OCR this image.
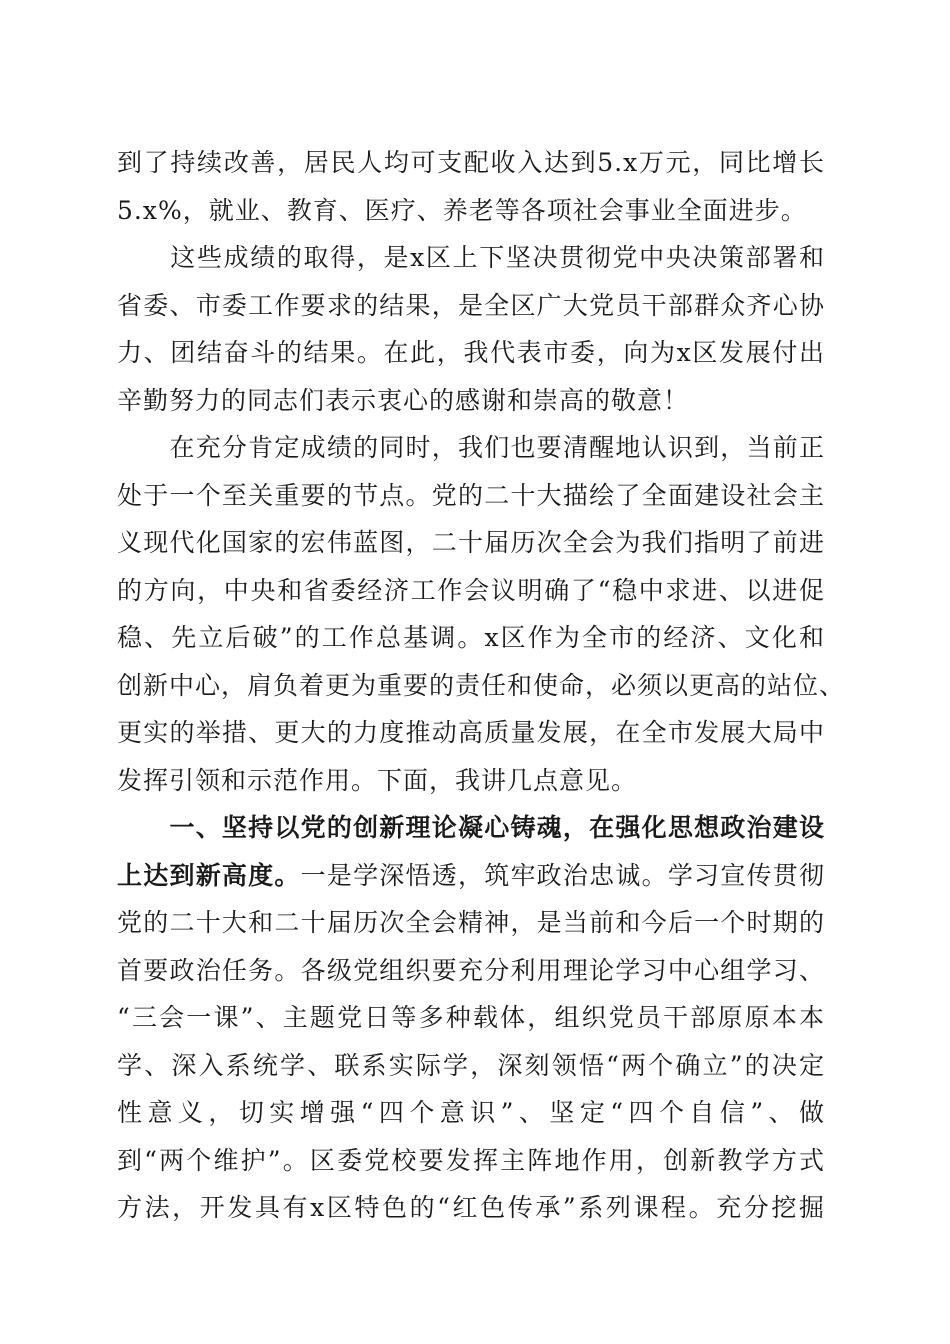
到了持续改善，居民人均可支配收入达到5.x万元，同比增长
5.x%，就业、教育、医疗、养老等各项社会事业全面进步。
　　这些成绩的取得，是x区上下坚决贯彻党中央决策部署和
省委、市委工作要求的结果，是全区广大党员干部群众齐心协
力、团结奋斗的结果。在此，我代表市委，向为x区发展付出
辛勤努力的同志们表示衷心的感谢和崇高的敬意！
　　在充分肯定成绩的同时，我们也要清醒地认识到，当前正
处于一个至关重要的节点。党的二十大描绘了全面建设社会主
义现代化国家的宏伟蓝图，二十届历次全会为我们指明了前进
的方向，中央和省委经济工作会议明确了“稳中求进、以进促
稳、先立后破”的工作总基调。x区作为全市的经济、文化和
创新中心，肩负着更为重要的责任和使命，必须以更高的站位、
更实的举措、更大的力度推动高质量发展，在全市发展大局中
发挥引领和示范作用。下面，我讲几点意见。
　　一、坚持以党的创新理论凝心铸魂，在强化思想政治建设
上达到新高度。一是学深悟透，筑牢政治忠诚。学习宣传贯彻
党的二十大和二十届历次全会精神，是当前和今后一个时期的
首要政治任务。各级党组织要充分利用理论学习中心组学习、
“三会一课”、主题党日等多种载体，组织党员干部原原本本
学、深入系统学、联系实际学，深刻领悟“两个确立”的决定
性意义，切实增强“四个意识”、坚定“四个自信”、做
到“两个维护”。区委党校要发挥主阵地作用，创新教学方式
方法，开发具有x区特色的“红色传承”系列课程。充分挖掘
